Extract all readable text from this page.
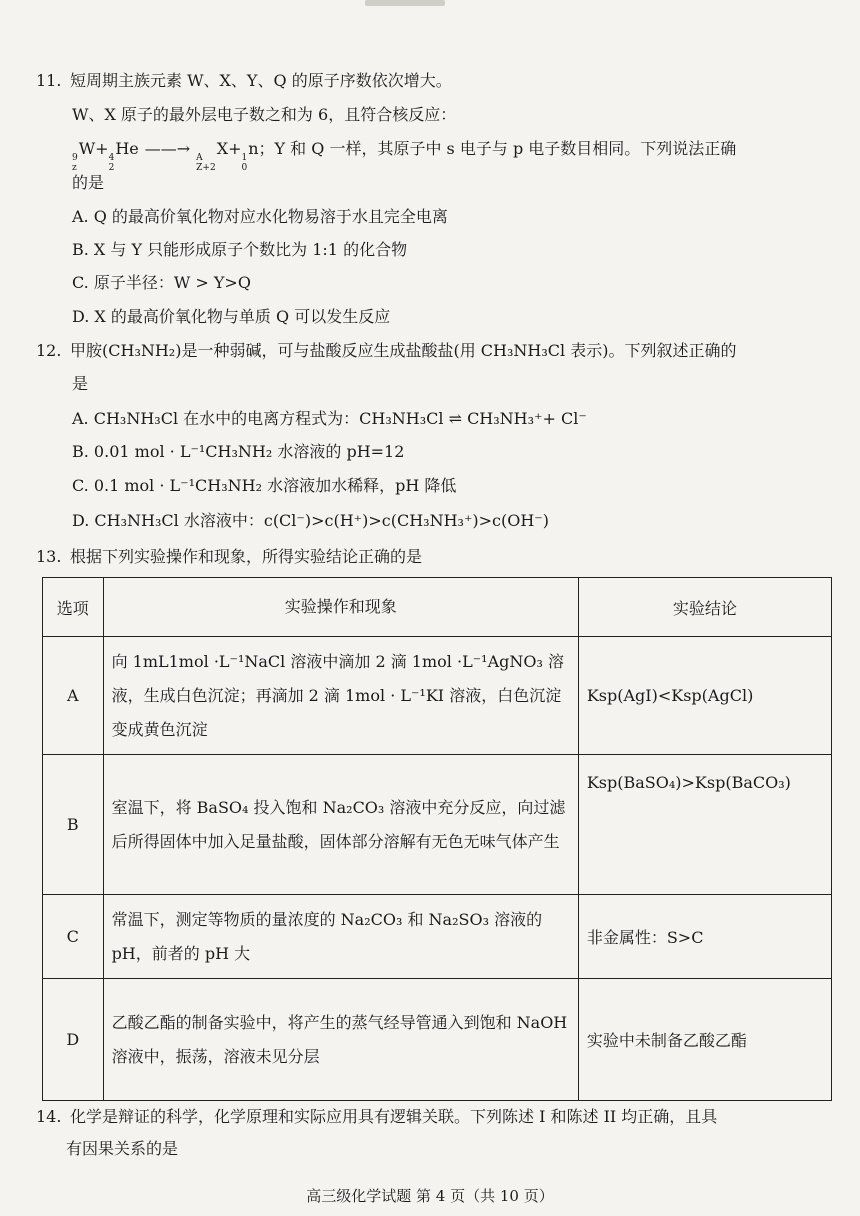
11. 短周期主族元素 W、X、Y、Q 的原子序数依次增大。
W、X 原子的最外层电子数之和为 6，且符合核反应：
9
z
W+ 4
2
He ——→ A
Z+2
X+ 1
0
n；Y 和 Q 一样，其原子中 s 电子与 p 电子数目相同。下列说法正确
的是
A. Q 的最高价氧化物对应水化物易溶于水且完全电离
B. X 与 Y 只能形成原子个数比为 1:1 的化合物
C. 原子半径：W > Y>Q
D. X 的最高价氧化物与单质 Q 可以发生反应
12. 甲胺(CH₃NH₂)是一种弱碱，可与盐酸反应生成盐酸盐(用 CH₃NH₃Cl 表示)。下列叙述正确的
是
A. CH₃NH₃Cl 在水中的电离方程式为：CH₃NH₃Cl ⇌ CH₃NH₃⁺+ Cl⁻
B. 0.01 mol · L⁻¹CH₃NH₂ 水溶液的 pH=12
C. 0.1 mol · L⁻¹CH₃NH₂ 水溶液加水稀释，pH 降低
D. CH₃NH₃Cl 水溶液中：c(Cl⁻)>c(H⁺)>c(CH₃NH₃⁺)>c(OH⁻)
13. 根据下列实验操作和现象，所得实验结论正确的是
选项	实验操作和现象	实验结论
A	向 1mL1mol ·L⁻¹NaCl 溶液中滴加 2 滴 1mol ·L⁻¹AgNO₃ 溶液，生成白色沉淀；再滴加 2 滴 1mol · L⁻¹KI 溶液，白色沉淀变成黄色沉淀	Ksp(AgI)<Ksp(AgCl)
B	室温下，将 BaSO₄ 投入饱和 Na₂CO₃ 溶液中充分反应，向过滤后所得固体中加入足量盐酸，固体部分溶解有无色无味气体产生	Ksp(BaSO₄)>Ksp(BaCO₃)
C	常温下，测定等物质的量浓度的 Na₂CO₃ 和 Na₂SO₃ 溶液的 pH，前者的 pH 大	非金属性：S>C
D	乙酸乙酯的制备实验中，将产生的蒸气经导管通入到饱和 NaOH 溶液中，振荡，溶液未见分层	实验中未制备乙酸乙酯
14. 化学是辩证的科学，化学原理和实际应用具有逻辑关联。下列陈述 I 和陈述 II 均正确，且具
有因果关系的是
高三级化学试题 第 4 页（共 10 页）
